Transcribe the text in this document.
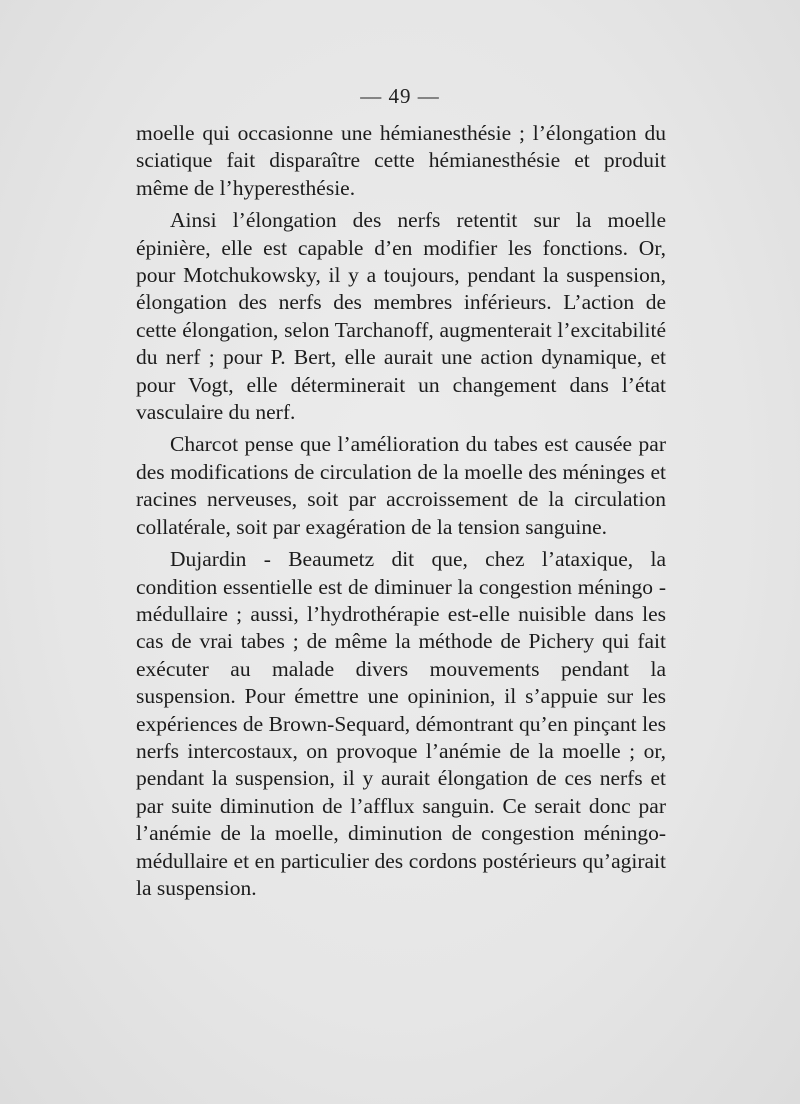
— 49 —

moelle qui occasionne une hémianesthésie ; l’élongation du sciatique fait disparaître cette hémianesthésie et produit même de l’hyperesthésie.

Ainsi l’élongation des nerfs retentit sur la moelle épinière, elle est capable d’en modifier les fonctions. Or, pour Motchukowsky, il y a toujours, pendant la suspension, élongation des nerfs des membres inférieurs. L’action de cette élongation, selon Tarchanoff, augmenterait l’excitabilité du nerf ; pour P. Bert, elle aurait une action dynamique, et pour Vogt, elle déterminerait un changement dans l’état vasculaire du nerf.

Charcot pense que l’amélioration du tabes est causée par des modifications de circulation de la moelle des méninges et racines nerveuses, soit par accroissement de la circulation collatérale, soit par exagération de la tension sanguine.

Dujardin - Beaumetz dit que, chez l’ataxique, la condition essentielle est de diminuer la congestion méningo - médullaire ; aussi, l’hydrothérapie est-elle nuisible dans les cas de vrai tabes ; de même la méthode de Pichery qui fait exécuter au malade divers mouvements pendant la suspension. Pour émettre une opininion, il s’appuie sur les expériences de Brown-Sequard, démontrant qu’en pinçant les nerfs intercostaux, on provoque l’anémie de la moelle ; or, pendant la suspension, il y aurait élongation de ces nerfs et par suite diminution de l’afflux sanguin. Ce serait donc par l’anémie de la moelle, diminution de congestion méningo-médullaire et en particulier des cordons postérieurs qu’agirait la suspension.
